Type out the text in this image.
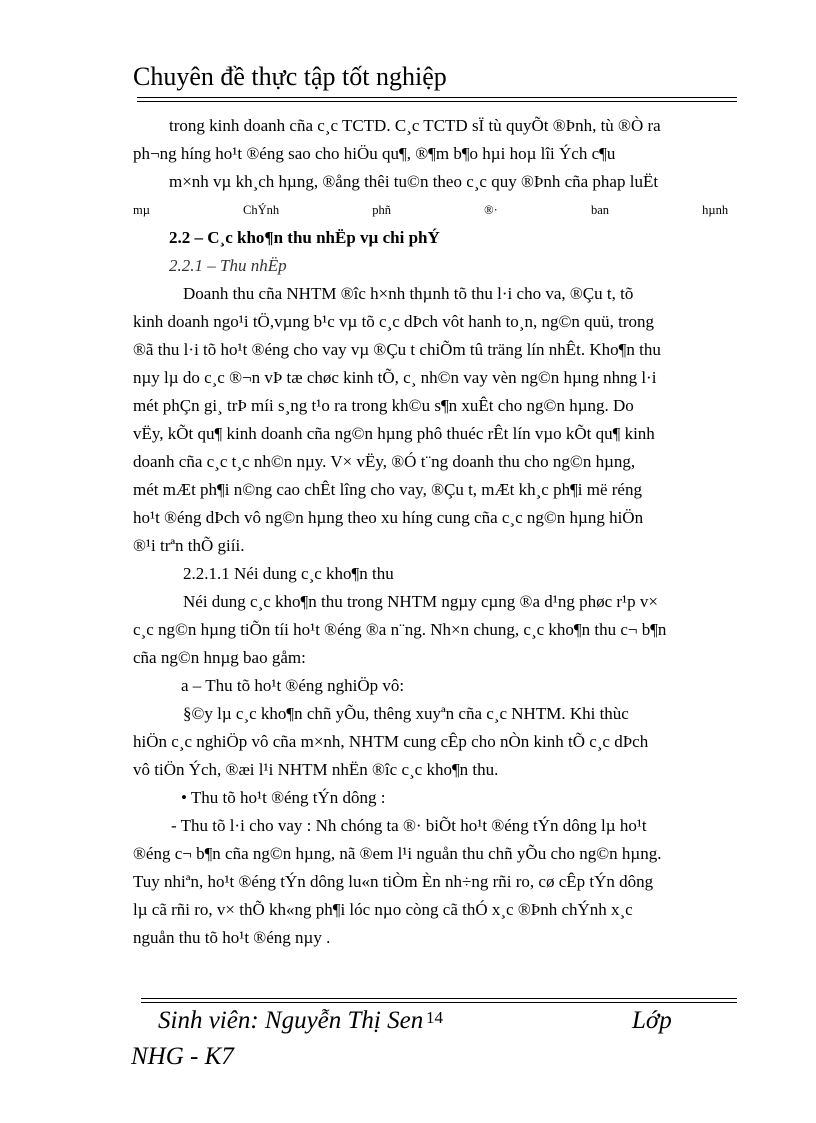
Chuyên đề thực tập tốt nghiệp
trong kinh doanh cña c¸c TCTD. C¸c TCTD sÏ tù quyÕt ®Þnh, tù ®Ò ra
ph¬ng híng ho¹t ®éng sao cho hiÖu qu¶, ®¶m b¶o hµi hoµ lîi Ých c¶u
m×nh vµ kh¸ch hµng, ®ång thêi tu©n theo c¸c quy ®Þnh cña phap luËt
mµ ChÝnh phñ ®· ban hµnh
2.2 – C¸c kho¶n thu nhËp vµ chi phÝ
2.2.1 – Thu nhËp
Doanh thu cña NHTM ®îc h×nh thµnh tõ thu l·i cho va, ®Çu t, tõ
kinh doanh ngo¹i tÖ,vµng b¹c vµ tõ c¸c dÞch vôt hanh to¸n, ng©n quü, trong
®ã thu l·i tõ ho¹t ®éng cho vay vµ ®Çu t chiÕm tû träng lín nhÊt. Kho¶n thu
nµy lµ do c¸c ®¬n vÞ tæ chøc kinh tÕ, c¸ nh©n vay vèn ng©n hµng nhng l·i
mét phÇn gi¸ trÞ míi s¸ng t¹o ra trong kh©u s¶n xuÊt cho ng©n hµng. Do
vËy, kÕt qu¶ kinh doanh cña ng©n hµng phô thuéc rÊt lín vµo kÕt qu¶ kinh
doanh cña c¸c t¸c nh©n nµy. V× vËy, ®Ó t¨ng doanh thu cho ng©n hµng,
mét mÆt ph¶i n©ng cao chÊt lîng cho vay, ®Çu t, mÆt kh¸c ph¶i më réng
ho¹t ®éng dÞch vô ng©n hµng theo xu híng cung cña c¸c ng©n hµng hiÖn
®¹i trªn thÕ giíi.
2.2.1.1 Néi dung c¸c kho¶n thu
Néi dung c¸c kho¶n thu trong NHTM ngµy cµng ®a d¹ng phøc r¹p v×
c¸c ng©n hµng tiÕn tíi ho¹t ®éng ®a n¨ng. Nh×n chung, c¸c kho¶n thu c¬ b¶n
cña ng©n hnµg bao gåm:
a – Thu tõ ho¹t ®éng nghiÖp vô:
§©y lµ c¸c kho¶n chñ yÕu, thêng xuyªn cña c¸c NHTM. Khi thùc
hiÖn c¸c nghiÖp vô cña m×nh, NHTM cung cÊp cho nÒn kinh tÕ c¸c dÞch
vô tiÖn Ých, ®æi l¹i NHTM nhËn ®îc c¸c kho¶n thu.
• Thu tõ ho¹t ®éng tÝn dông :
- Thu tõ l·i cho vay : Nh chóng ta ®· biÕt ho¹t ®éng tÝn dông lµ ho¹t
®éng c¬ b¶n cña ng©n hµng, nã ®em l¹i nguån thu chñ yÕu cho ng©n hµng.
Tuy nhiªn, ho¹t ®éng tÝn dông lu«n tiÒm Èn nh÷ng rñi ro, cø cÊp tÝn dông
lµ cã rñi ro, v× thÕ kh«ng ph¶i lóc nµo còng cã thÓ x¸c ®Þnh chÝnh x¸c
nguån thu tõ ho¹t ®éng nµy .
14
Sinh viên: Nguyễn Thị Sen	Lớp
NHG - K7
